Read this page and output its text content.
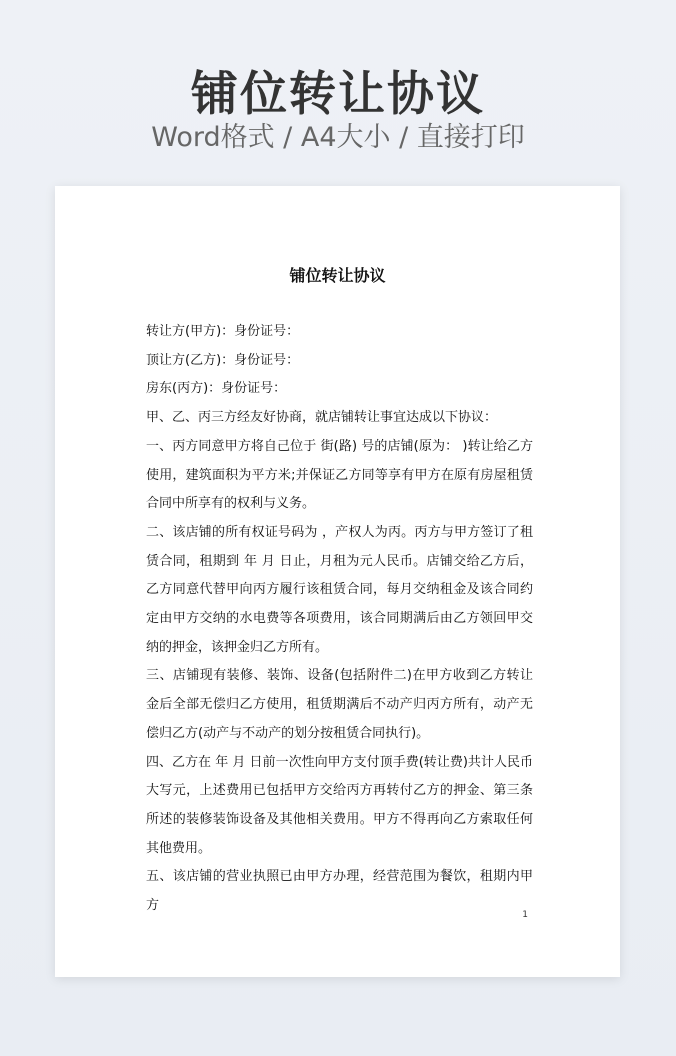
铺位转让协议
Word格式 / A4大小 / 直接打印
铺位转让协议

转让方(甲方)：身份证号：

顶让方(乙方)：身份证号：

房东(丙方)：身份证号：

甲、乙、丙三方经友好协商，就店铺转让事宜达成以下协议：

一、丙方同意甲方将自己位于 街(路) 号的店铺(原为： )转让给乙方使用，建筑面积为平方米;并保证乙方同等享有甲方在原有房屋租赁合同中所享有的权利与义务。

二、该店铺的所有权证号码为 ，产权人为丙。丙方与甲方签订了租赁合同，租期到 年 月 日止，月租为元人民币。店铺交给乙方后，乙方同意代替甲向丙方履行该租赁合同，每月交纳租金及该合同约定由甲方交纳的水电费等各项费用，该合同期满后由乙方领回甲交纳的押金，该押金归乙方所有。

三、店铺现有装修、装饰、设备(包括附件二)在甲方收到乙方转让金后全部无偿归乙方使用，租赁期满后不动产归丙方所有，动产无偿归乙方(动产与不动产的划分按租赁合同执行)。

四、乙方在 年 月 日前一次性向甲方支付顶手费(转让费)共计人民币大写元，上述费用已包括甲方交给丙方再转付乙方的押金、第三条所述的装修装饰设备及其他相关费用。甲方不得再向乙方索取任何其他费用。

五、该店铺的营业执照已由甲方办理，经营范围为餐饮，租期内甲方

1
